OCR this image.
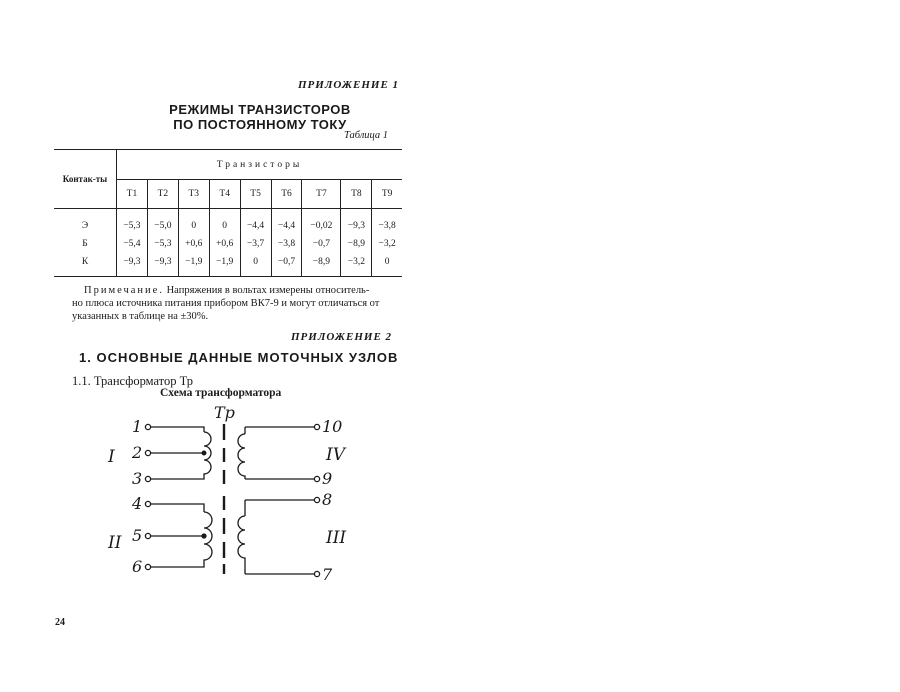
ПРИЛОЖЕНИЕ 1
РЕЖИМЫ ТРАНЗИСТОРОВ
ПО ПОСТОЯННОМУ ТОКУ
Таблица 1
Контак-ты	Транзисторы								
	T1	T2	T3	T4	T5	T6	T7	T8	T9
Э	−5,3	−5,0	0	0	−4,4	−4,4	−0,02	−9,3	−3,8
Б	−5,4	−5,3	+0,6	+0,6	−3,7	−3,8	−0,7	−8,9	−3,2
К	−9,3	−9,3	−1,9	−1,9	0	−0,7	−8,9	−3,2	0
Примечание. Напряжения в вольтах измерены относитель-
но плюса источника питания прибором ВК7-9 и могут отличаться от
указанных в таблице на ±30%.
ПРИЛОЖЕНИЕ 2
1. ОСНОВНЫЕ ДАННЫЕ МОТОЧНЫХ УЗЛОВ
1.1. Трансформатор Тр
Схема трансформатора
Тр
1
2
3
4
5
6	7
8
9
10
I
II	III
IV
24
